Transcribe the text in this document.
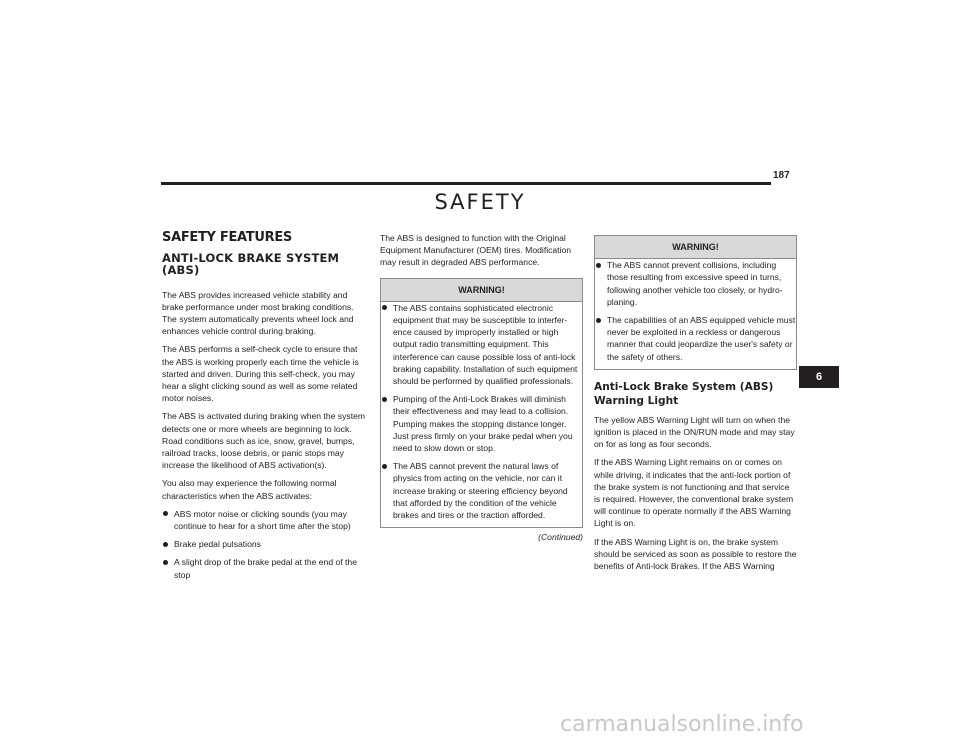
187
SAFETY
SAFETY FEATURES
ANTI-LOCK BRAKE SYSTEM (ABS)

The ABS provides increased vehicle stability and brake performance under most braking conditions. The system automatically prevents wheel lock and enhances vehicle control during braking.

The ABS performs a self-check cycle to ensure that the ABS is working properly each time the vehicle is started and driven. During this self-check, you may hear a slight clicking sound as well as some related motor noises.

The ABS is activated during braking when the system detects one or more wheels are beginning to lock. Road conditions such as ice, snow, gravel, bumps, railroad tracks, loose debris, or panic stops may increase the likelihood of ABS activation(s).

You also may experience the following normal characteristics when the ABS activates:

ABS motor noise or clicking sounds (you may continue to hear for a short time after the stop)
Brake pedal pulsations
A slight drop of the brake pedal at the end of the stop

The ABS is designed to function with the Original Equipment Manufacturer (OEM) tires. Modification may result in degraded ABS performance.

WARNING!
The ABS contains sophisticated electronic equipment that may be susceptible to interfer-ence caused by improperly installed or high output radio transmitting equipment. This interference can cause possible loss of anti-lock braking capability. Installation of such equipment should be performed by qualified professionals.
Pumping of the Anti-Lock Brakes will diminish their effectiveness and may lead to a collision. Pumping makes the stopping distance longer. Just press firmly on your brake pedal when you need to slow down or stop.
The ABS cannot prevent the natural laws of physics from acting on the vehicle, nor can it increase braking or steering efficiency beyond that afforded by the condition of the vehicle brakes and tires or the traction afforded.
(Continued)
WARNING!
The ABS cannot prevent collisions, including those resulting from excessive speed in turns, following another vehicle too closely, or hydro-planing.
The capabilities of an ABS equipped vehicle must never be exploited in a reckless or dangerous manner that could jeopardize the user's safety or the safety of others.
Anti-Lock Brake System (ABS) Warning Light

The yellow ABS Warning Light will turn on when the ignition is placed in the ON/RUN mode and may stay on for as long as four seconds.

If the ABS Warning Light remains on or comes on while driving, it indicates that the anti-lock portion of the brake system is not functioning and that service is required. However, the conventional brake system will continue to operate normally if the ABS Warning Light is on.

If the ABS Warning Light is on, the brake system should be serviced as soon as possible to restore the benefits of Anti-lock Brakes. If the ABS Warning

6
carmanualsonline.info
